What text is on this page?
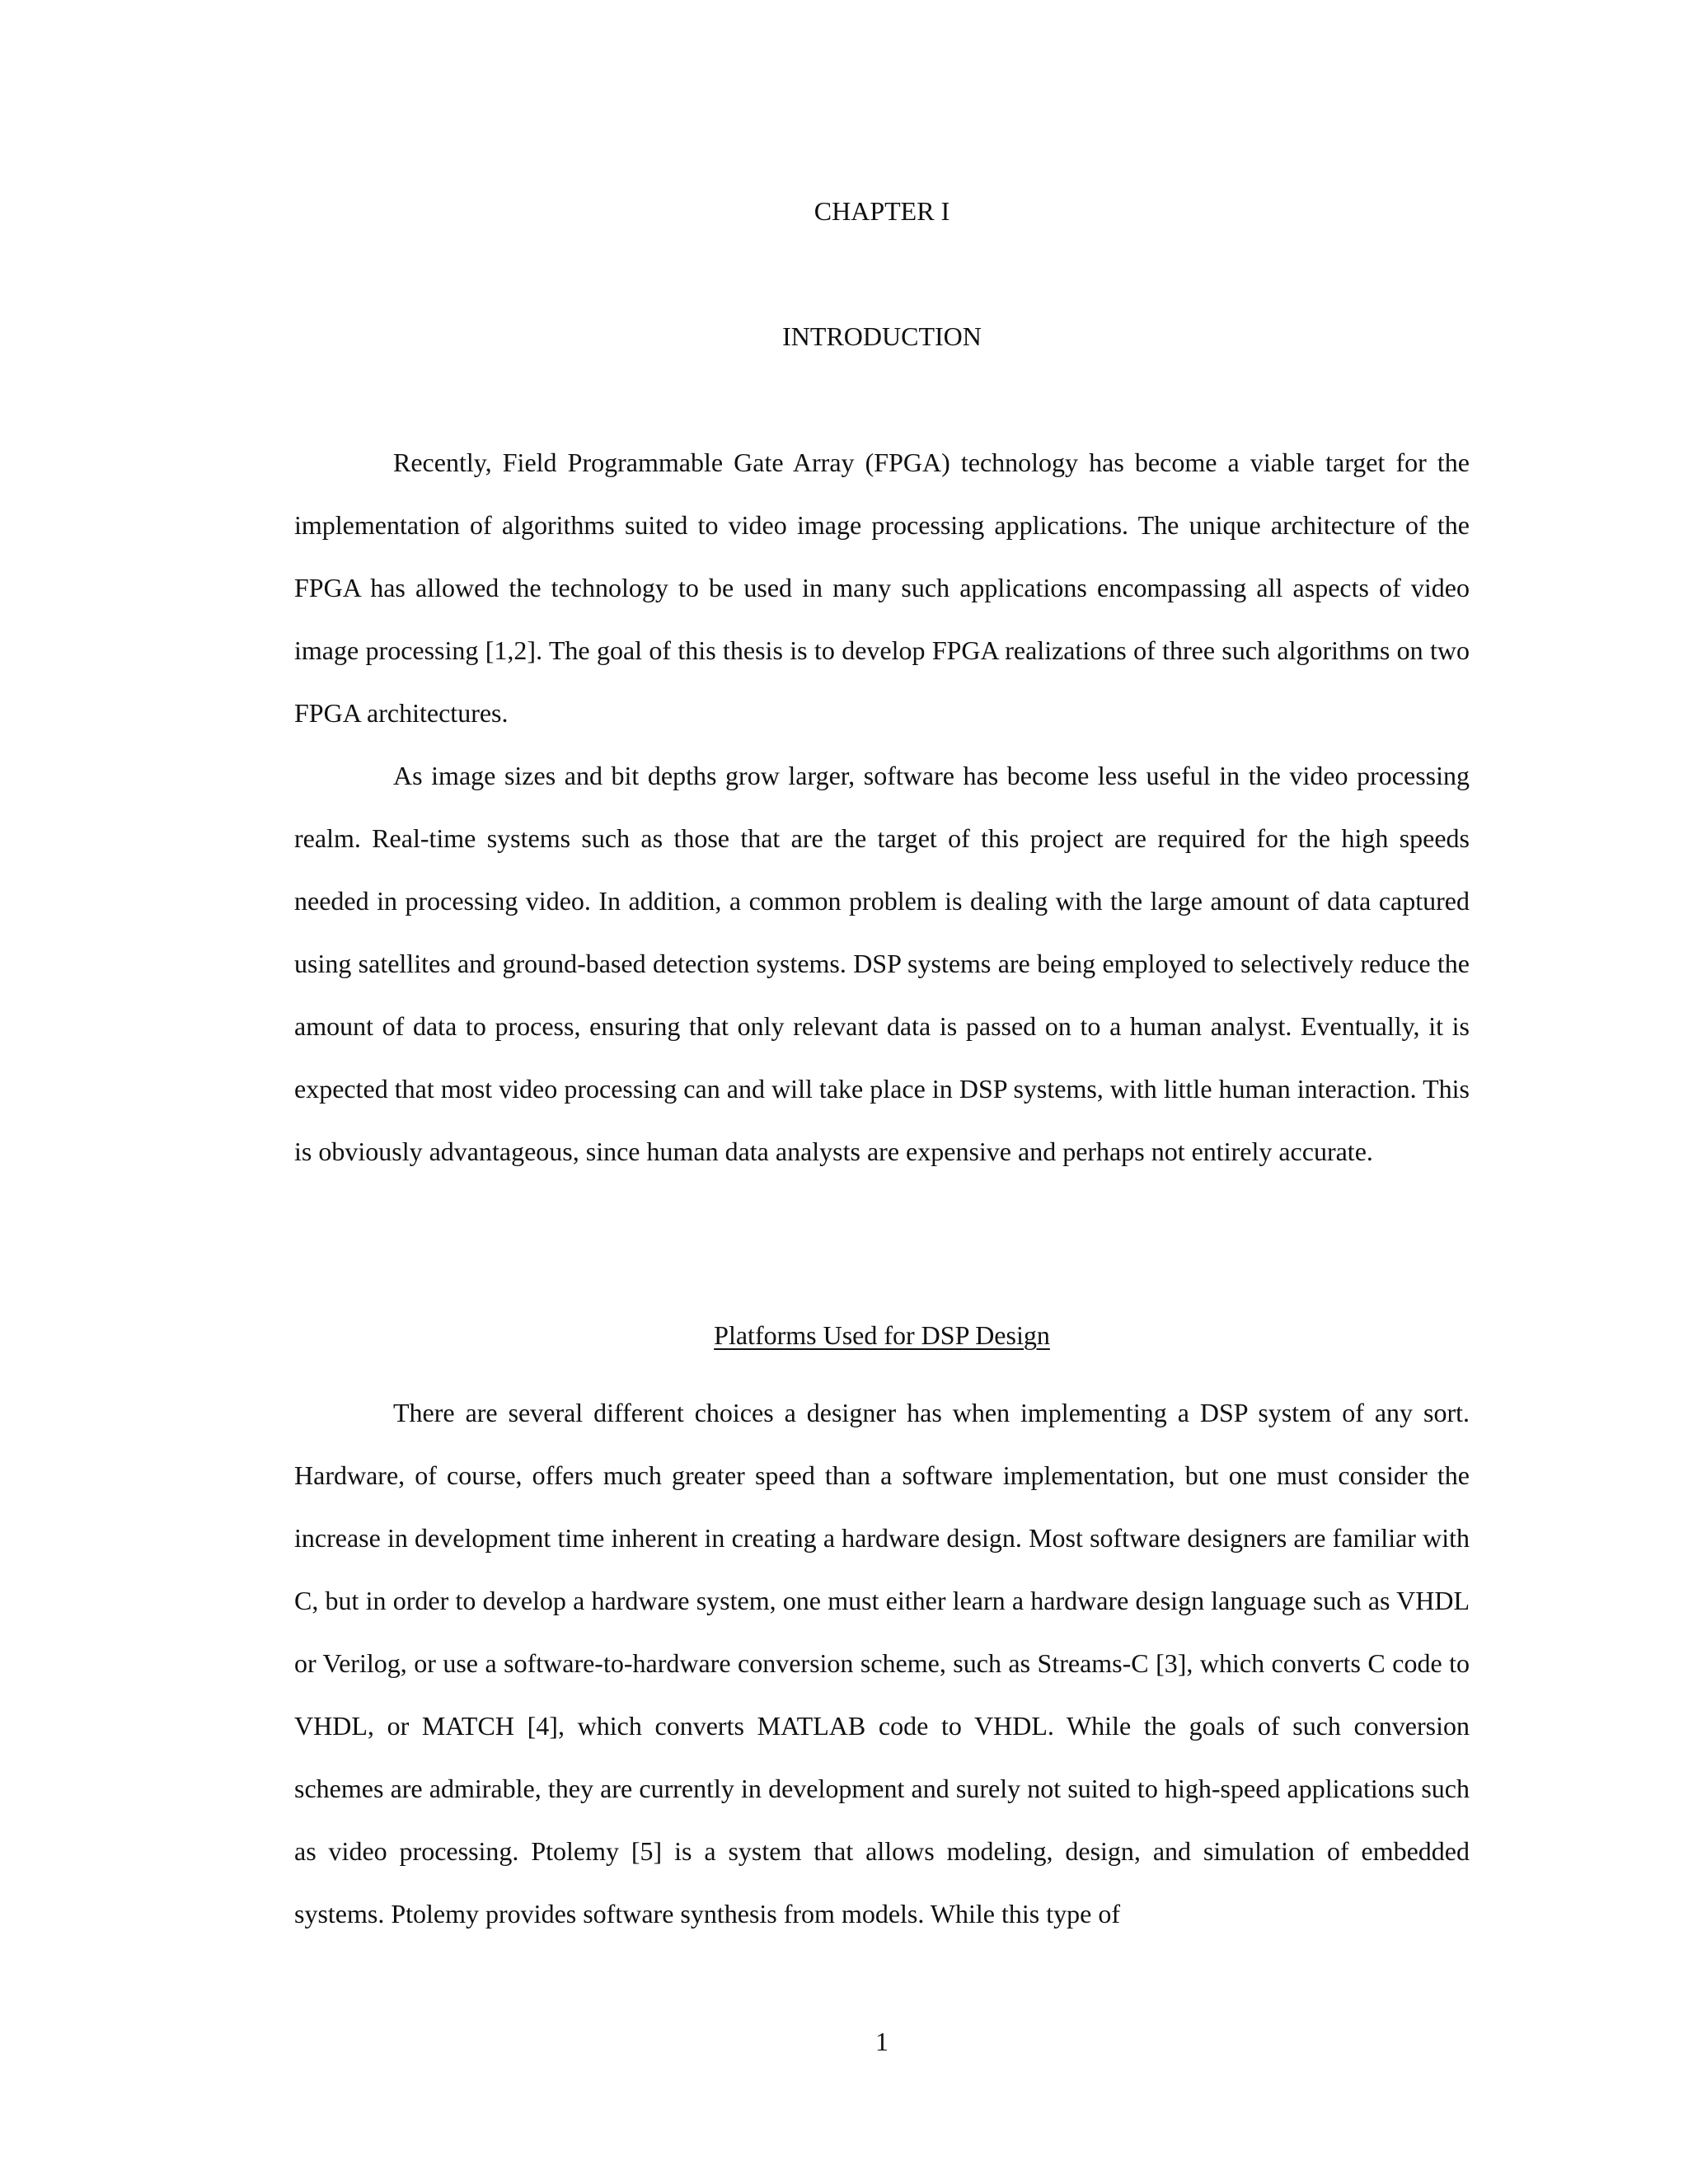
CHAPTER I
INTRODUCTION

Recently, Field Programmable Gate Array (FPGA) technology has become a viable target for the implementation of algorithms suited to video image processing applications. The unique architecture of the FPGA has allowed the technology to be used in many such applications encompassing all aspects of video image processing [1,2]. The goal of this thesis is to develop FPGA realizations of three such algorithms on two FPGA architectures.

As image sizes and bit depths grow larger, software has become less useful in the video processing realm. Real-time systems such as those that are the target of this project are required for the high speeds needed in processing video. In addition, a common problem is dealing with the large amount of data captured using satellites and ground-based detection systems. DSP systems are being employed to selectively reduce the amount of data to process, ensuring that only relevant data is passed on to a human analyst. Eventually, it is expected that most video processing can and will take place in DSP systems, with little human interaction. This is obviously advantageous, since human data analysts are expensive and perhaps not entirely accurate.

Platforms Used for DSP Design

There are several different choices a designer has when implementing a DSP system of any sort. Hardware, of course, offers much greater speed than a software implementation, but one must consider the increase in development time inherent in creating a hardware design. Most software designers are familiar with C, but in order to develop a hardware system, one must either learn a hardware design language such as VHDL or Verilog, or use a software-to-hardware conversion scheme, such as Streams-C [3], which converts C code to VHDL, or MATCH [4], which converts MATLAB code to VHDL. While the goals of such conversion schemes are admirable, they are currently in development and surely not suited to high-speed applications such as video processing. Ptolemy [5] is a system that allows modeling, design, and simulation of embedded systems. Ptolemy provides software synthesis from models. While this type of

1
